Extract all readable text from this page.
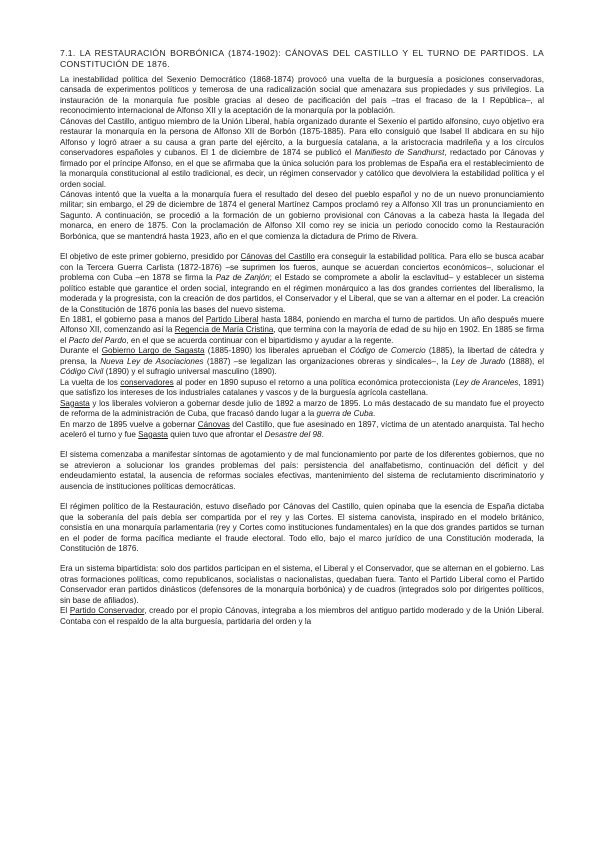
7.1. LA RESTAURACIÓN BORBÓNICA (1874-1902): CÁNOVAS DEL CASTILLO Y EL TURNO DE PARTIDOS. LA CONSTITUCIÓN DE 1876.

La inestabilidad política del Sexenio Democrático (1868-1874) provocó una vuelta de la burguesía a posiciones conservadoras, cansada de experimentos políticos y temerosa de una radicalización social que amenazara sus propiedades y sus privilegios. La instauración de la monarquía fue posible gracias al deseo de pacificación del país –tras el fracaso de la I República–, al reconocimiento internacional de Alfonso XII y la aceptación de la monarquía por la población.

Cánovas del Castillo, antiguo miembro de la Unión Liberal, había organizado durante el Sexenio el partido alfonsino, cuyo objetivo era restaurar la monarquía en la persona de Alfonso XII de Borbón (1875-1885). Para ello consiguió que Isabel II abdicara en su hijo Alfonso y logró atraer a su causa a gran parte del ejército, a la burguesía catalana, a la aristocracia madrileña y a los círculos conservadores españoles y cubanos. El 1 de diciembre de 1874 se publicó el Manifiesto de Sandhurst, redactado por Cánovas y firmado por el príncipe Alfonso, en el que se afirmaba que la única solución para los problemas de España era el restablecimiento de la monarquía constitucional al estilo tradicional, es decir, un régimen conservador y católico que devolviera la estabilidad política y el orden social.

Cánovas intentó que la vuelta a la monarquía fuera el resultado del deseo del pueblo español y no de un nuevo pronunciamiento militar; sin embargo, el 29 de diciembre de 1874 el general Martínez Campos proclamó rey a Alfonso XII tras un pronunciamiento en Sagunto. A continuación, se procedió a la formación de un gobierno provisional con Cánovas a la cabeza hasta la llegada del monarca, en enero de 1875. Con la proclamación de Alfonso XII como rey se inicia un periodo conocido como la Restauración Borbónica, que se mantendrá hasta 1923, año en el que comienza la dictadura de Primo de Rivera.

El objetivo de este primer gobierno, presidido por Cánovas del Castillo era conseguir la estabilidad política. Para ello se busca acabar con la Tercera Guerra Carlista (1872-1876) –se suprimen los fueros, aunque se acuerdan conciertos económicos–, solucionar el problema con Cuba –en 1878 se firma la Paz de Zanjón; el Estado se compromete a abolir la esclavitud– y establecer un sistema político estable que garantice el orden social, integrando en el régimen monárquico a las dos grandes corrientes del liberalismo, la moderada y la progresista, con la creación de dos partidos, el Conservador y el Liberal, que se van a alternar en el poder. La creación de la Constitución de 1876 ponía las bases del nuevo sistema.

En 1881, el gobierno pasa a manos del Partido Liberal hasta 1884, poniendo en marcha el turno de partidos. Un año después muere Alfonso XII, comenzando así la Regencia de María Cristina, que termina con la mayoría de edad de su hijo en 1902. En 1885 se firma el Pacto del Pardo, en el que se acuerda continuar con el bipartidismo y ayudar a la regente.

Durante el Gobierno Largo de Sagasta (1885-1890) los liberales aprueban el Código de Comercio (1885), la libertad de cátedra y prensa, la Nueva Ley de Asociaciones (1887) –se legalizan las organizaciones obreras y sindicales–, la Ley de Jurado (1888), el Código Civil (1890) y el sufragio universal masculino (1890).

La vuelta de los conservadores al poder en 1890 supuso el retorno a una política económica proteccionista (Ley de Aranceles, 1891) que satisfizo los intereses de los industriales catalanes y vascos y de la burguesía agrícola castellana.

Sagasta y los liberales volvieron a gobernar desde julio de 1892 a marzo de 1895. Lo más destacado de su mandato fue el proyecto de reforma de la administración de Cuba, que fracasó dando lugar a la guerra de Cuba.

En marzo de 1895 vuelve a gobernar Cánovas del Castillo, que fue asesinado en 1897, víctima de un atentado anarquista. Tal hecho aceleró el turno y fue Sagasta quien tuvo que afrontar el Desastre del 98.

El sistema comenzaba a manifestar síntomas de agotamiento y de mal funcionamiento por parte de los diferentes gobiernos, que no se atrevieron a solucionar los grandes problemas del país: persistencia del analfabetismo, continuación del déficit y del endeudamiento estatal, la ausencia de reformas sociales efectivas, mantenimiento del sistema de reclutamiento discriminatorio y ausencia de instituciones políticas democráticas.

El régimen político de la Restauración, estuvo diseñado por Cánovas del Castillo, quien opinaba que la esencia de España dictaba que la soberanía del país debía ser compartida por el rey y las Cortes. El sistema canovista, inspirado en el modelo británico, consistía en una monarquía parlamentaria (rey y Cortes como instituciones fundamentales) en la que dos grandes partidos se turnan en el poder de forma pacífica mediante el fraude electoral. Todo ello, bajo el marco jurídico de una Constitución moderada, la Constitución de 1876.

Era un sistema bipartidista: solo dos partidos participan en el sistema, el Liberal y el Conservador, que se alternan en el gobierno. Las otras formaciones políticas, como republicanos, socialistas o nacionalistas, quedaban fuera. Tanto el Partido Liberal como el Partido Conservador eran partidos dinásticos (defensores de la monarquía borbónica) y de cuadros (integrados solo por dirigentes políticos, sin base de afiliados).

El Partido Conservador, creado por el propio Cánovas, integraba a los miembros del antiguo partido moderado y de la Unión Liberal. Contaba con el respaldo de la alta burguesía, partidaria del orden y la
